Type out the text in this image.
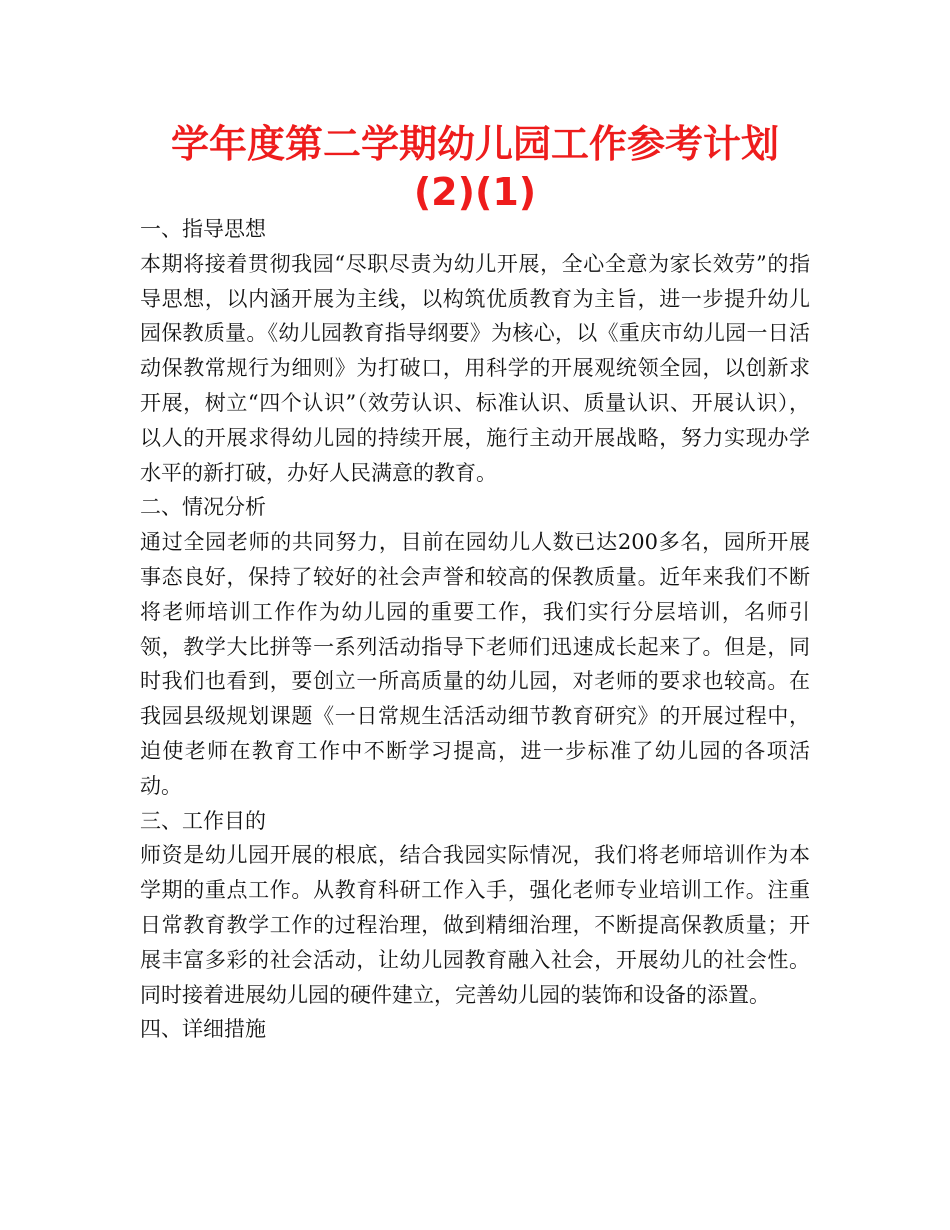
学年度第二学期幼儿园工作参考计划 (2)(1)

一、指导思想

本期将接着贯彻我园“尽职尽责为幼儿开展，全心全意为家长效劳”的指导思想，以内涵开展为主线，以构筑优质教育为主旨，进一步提升幼儿园保教质量。《幼儿园教育指导纲要》为核心，以《重庆市幼儿园一日活动保教常规行为细则》为打破口，用科学的开展观统领全园，以创新求开展，树立“四个认识”（效劳认识、标准认识、质量认识、开展认识），以人的开展求得幼儿园的持续开展，施行主动开展战略，努力实现办学水平的新打破，办好人民满意的教育。

二、情况分析

通过全园老师的共同努力，目前在园幼儿人数已达200多名，园所开展事态良好，保持了较好的社会声誉和较高的保教质量。近年来我们不断将老师培训工作作为幼儿园的重要工作，我们实行分层培训，名师引领，教学大比拼等一系列活动指导下老师们迅速成长起来了。但是，同时我们也看到，要创立一所高质量的幼儿园，对老师的要求也较高。在我园县级规划课题《一日常规生活活动细节教育研究》的开展过程中，迫使老师在教育工作中不断学习提高，进一步标准了幼儿园的各项活动。

三、工作目的

师资是幼儿园开展的根底，结合我园实际情况，我们将老师培训作为本学期的重点工作。从教育科研工作入手，强化老师专业培训工作。注重日常教育教学工作的过程治理，做到精细治理，不断提高保教质量；开展丰富多彩的社会活动，让幼儿园教育融入社会，开展幼儿的社会性。同时接着进展幼儿园的硬件建立，完善幼儿园的装饰和设备的添置。

四、详细措施
